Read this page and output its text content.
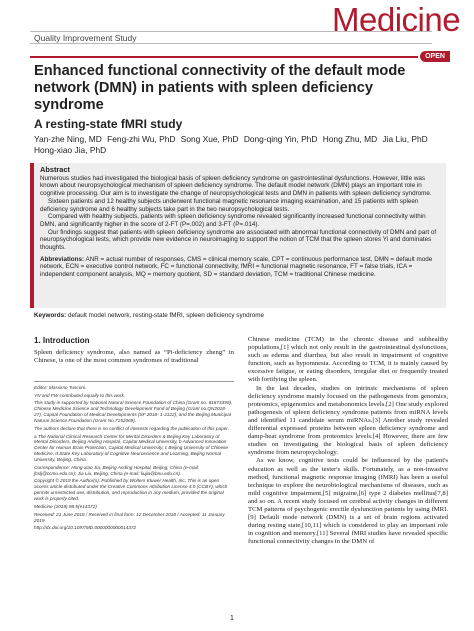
Medicine
Quality Improvement Study
OPEN
Enhanced functional connectivity of the default mode network (DMN) in patients with spleen deficiency syndrome
A resting-state fMRI study
Yan-zhe Ning, MD Feng-zhi Wu, PhD Song Xue, PhD Dong-qing Yin, PhD Hong Zhu, MD Jia Liu, PhD Hong-xiao Jia, PhD
Abstract

Numerous studies had investigated the biological basis of spleen deficiency syndrome on gastrointestinal dysfunctions. However, little was known about neuropsychological mechanism of spleen deficiency syndrome. The default model network (DMN) plays an important role in cognitive processing. Our aim is to investigate the change of neuropsychological tests and DMN in patients with spleen deficiency syndrome.

Sixteen patients and 12 healthy subjects underwent functional magnetic resonance imaging examination, and 15 patients with spleen deficiency syndrome and 6 healthy subjects take part in the two neuropsychological tests.

Compared with healthy subjects, patients with spleen deficiency syndrome revealed significantly increased functional connectivity within DMN, and significantly higher in the score of 2-FT (P=.002) and 3-FT (P=.014).

Our findings suggest that patients with spleen deficiency syndrome are associated with abnormal functional connectivity of DMN and part of neuropsychological tests, which provide new evidence in neuroimaging to support the notion of TCM that the spleen stores Yi and dominates thoughts.

Abbreviations: ANR = actual number of responses, CMS = clinical memory scale, CPT = continuous performance test, DMN = default mode network, ECN = executive control network, FC = functional connectivity, fMRI = functional magnetic resonance, FT = false trials, ICA = independent component analysis, MQ = memory quotient, SD = standard deviation, TCM = traditional Chinese medicine.

Keywords: default model network, resting-state fMRI, spleen deficiency syndrome
1. Introduction

Spleen deficiency syndrome, also named as “Pi-deficiency zheng” in Chinese, is one of the most common syndromes of traditional

Editor: Massimo Tusconi.

YN and FW contributed equally to this work.

This study is supported by National Natural Science Foundation of China (Grant no. 81873399), Chinese Medicine Science and Technology Development Fund of Beijing (Grant no.QN2018-27), Capital Foundation of Medical Developments (SF 2018- 1-2122), and the Beijing Municipal Natural Science Foundation (Grant No.7152069).

The authors declare that there is no conflict of interests regarding the publication of this paper.

a The National Clinical Research Center for Mental Disorders & Beijing Key Laboratory of Mental Disorders, Beijing Anding Hospital, Capital Medical University, b Advanced Innovation Center for Human Brain Protection, Capital Medical University, c Beijing University of Chinese Medicine, d State Key Laboratory of Cognitive Neuroscience and Learning, Beijing Normal University, Beijing, China.

Correspondence: Hong-xiao Jia, Beijing Anding Hospital, Beijing, China (e-mail: jhxlj@ccmu.edu.cn); Jia Liu, Beijing, China (e-mail: liujia@bnu.edu.cn).

Copyright © 2019 the Author(s). Published by Wolters Kluwer Health, Inc. This is an open access article distributed under the Creative Commons Attribution License 4.0 (CCBY), which permits unrestricted use, distribution, and reproduction in any medium, provided the original work is properly cited.

Medicine (2019) 98:5(e14372)

Received: 21 June 2018 / Received in final form: 12 December 2018 / Accepted: 11 January 2019

http://dx.doi.org/10.1097/MD.0000000000014372

Chinese medicine (TCM) in the chronic disease and subhealthy populations,[1] which not only result in the gastrointestinal dysfunctions, such as edema and diarrhea, but also result in impairment of cognitive function, such as hypomnesia. According to TCM, it is mainly caused by excessive fatigue, or eating disorders, irregular diet or frequently treated with fortifying the spleen.

In the last decades, studies on intrinsic mechanisms of spleen deficiency syndrome mainly focused on the pathogenesis from genomics, proteomics, epigenomics and metabonomics levels.[2] One study explored pathogenesis of spleen deficiency syndrome patients from miRNA levels and identified 11 candidate serum miRNAs.[3] Another study revealed differential expressed proteins between spleen deficiency syndrome and damp-heat syndrome from proteomics levels.[4] However, there are few studies on investigating the biological basis of spleen deficiency syndrome from neuropsychology.

As we know, cognitive tests could be influenced by the patient's education as well as the tester's skills. Fortunately, as a non-invasive method, functional magnetic response imaging (fMRI) has been a useful technique to explore the neurobiological mechanisms of diseases, such as mild cognitive impairment,[5] migraine,[6] type 2 diabetes mellitus[7,8] and so on. A recent study focused on cerebral activity changes in different TCM patterns of psychogenic erectile dysfunction patients by using fMRI.[9] Default mode network (DMN) is a set of brain regions activated during resting state,[10,11] which is considered to play an important role in cognition and memory.[11] Several fMRI studies have revealed specific functional connectivity changes in the DMN of

1
